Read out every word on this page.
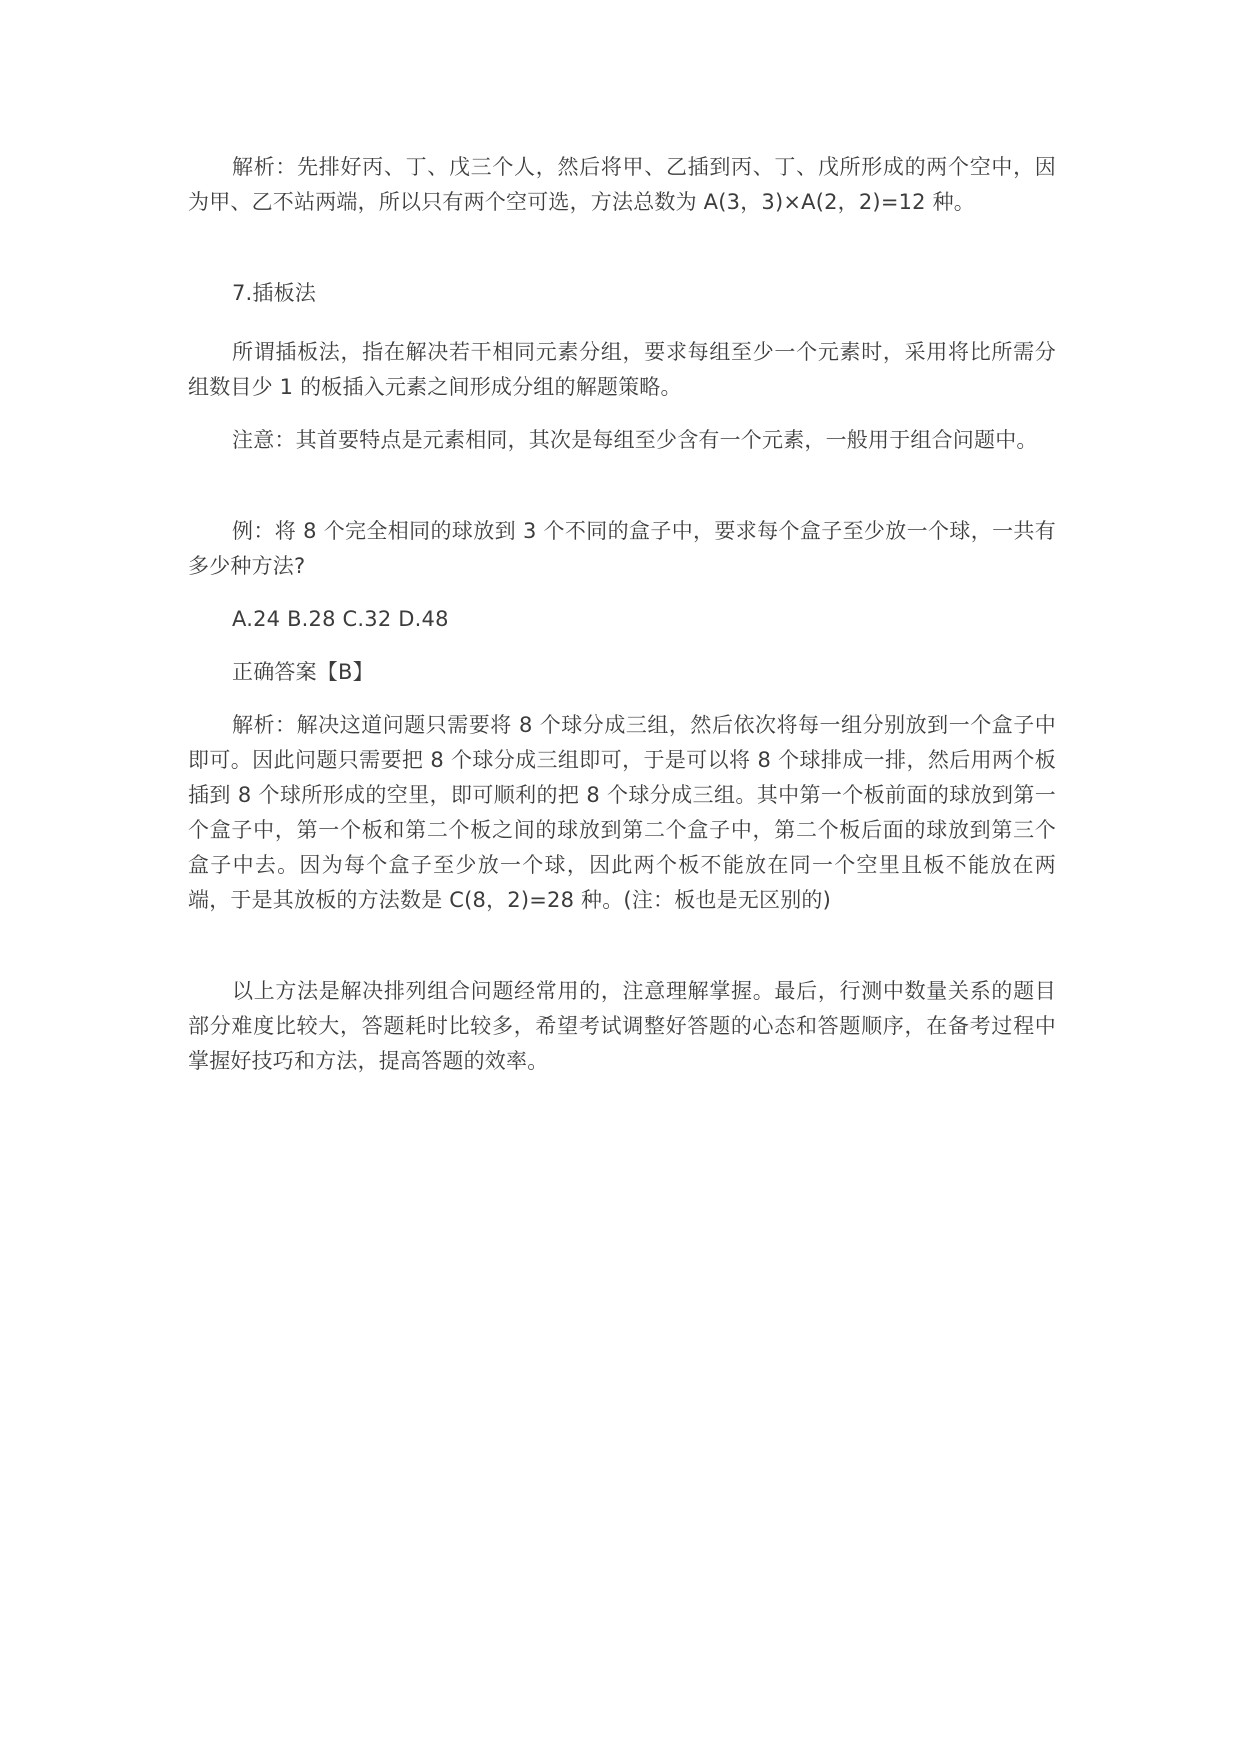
解析：先排好丙、丁、戊三个人，然后将甲、乙插到丙、丁、戊所形成的两个空中，因为甲、乙不站两端，所以只有两个空可选，方法总数为 A(3，3)×A(2，2)=12 种。

7.插板法

所谓插板法，指在解决若干相同元素分组，要求每组至少一个元素时，采用将比所需分组数目少 1 的板插入元素之间形成分组的解题策略。

注意：其首要特点是元素相同，其次是每组至少含有一个元素，一般用于组合问题中。

例：将 8 个完全相同的球放到 3 个不同的盒子中，要求每个盒子至少放一个球，一共有多少种方法?

A.24 B.28 C.32 D.48

正确答案【B】

解析：解决这道问题只需要将 8 个球分成三组，然后依次将每一组分别放到一个盒子中即可。因此问题只需要把 8 个球分成三组即可，于是可以将 8 个球排成一排，然后用两个板插到 8 个球所形成的空里，即可顺利的把 8 个球分成三组。其中第一个板前面的球放到第一个盒子中，第一个板和第二个板之间的球放到第二个盒子中，第二个板后面的球放到第三个盒子中去。因为每个盒子至少放一个球，因此两个板不能放在同一个空里且板不能放在两端，于是其放板的方法数是 C(8，2)=28 种。(注：板也是无区别的)

以上方法是解决排列组合问题经常用的，注意理解掌握。最后，行测中数量关系的题目部分难度比较大，答题耗时比较多，希望考试调整好答题的心态和答题顺序，在备考过程中掌握好技巧和方法，提高答题的效率。
